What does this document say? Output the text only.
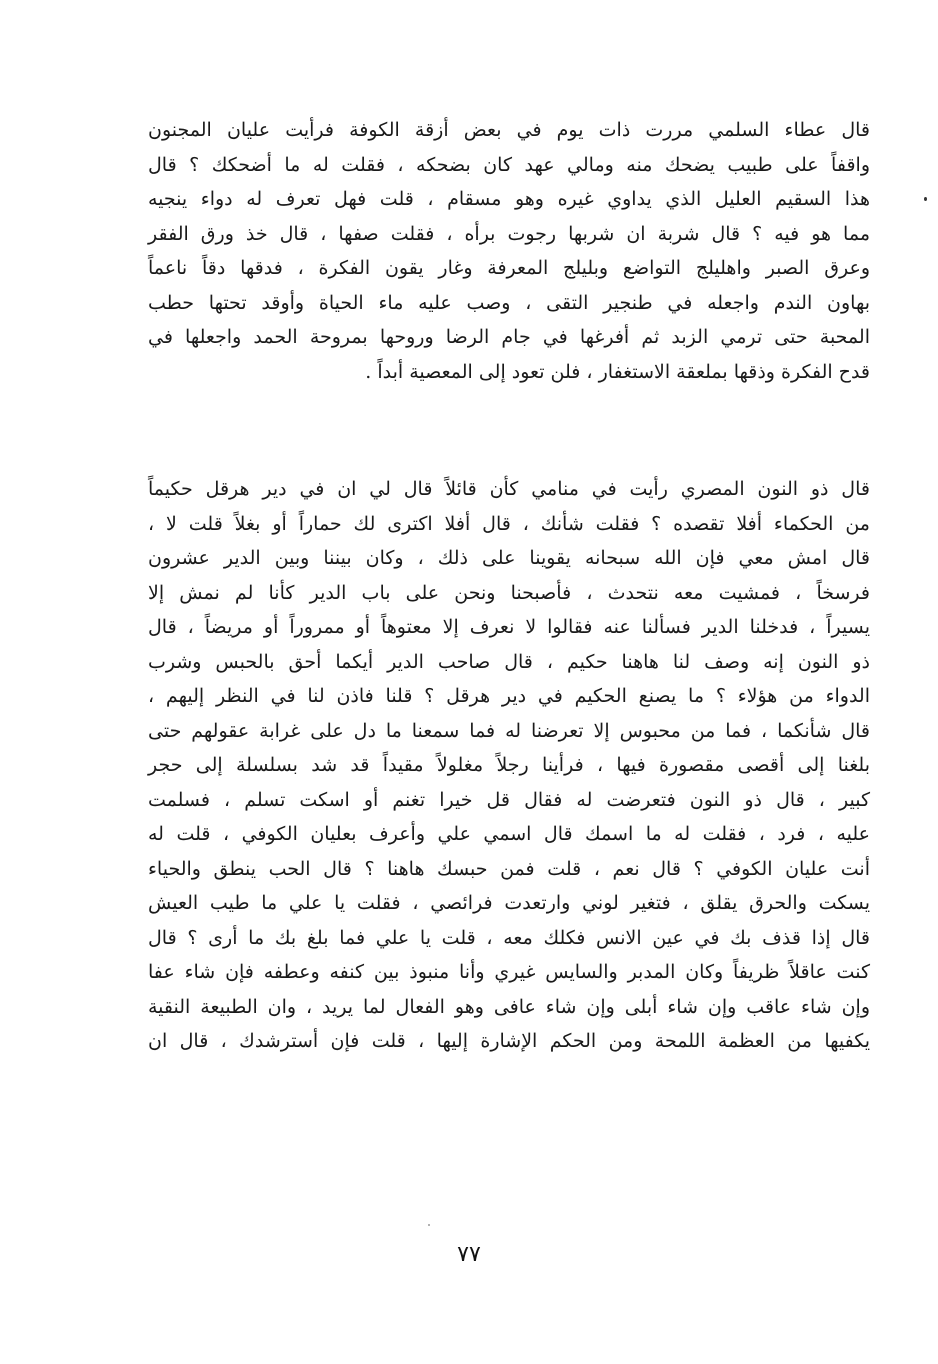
قال عطاء السلمي مررت ذات يوم في بعض أزقة الكوفة فرأيت عليان المجنون
واقفاً على طبيب يضحك منه ومالي عهد كان بضحكه ، فقلت له ما أضحكك ؟ قال
هذا السقيم العليل الذي يداوي غيره وهو مسقام ، قلت فهل تعرف له دواء ينجيه
مما هو فيه ؟ قال شربة ان شربها رجوت برأه ، فقلت صفها ، قال خذ ورق الفقر
وعرق الصبر واهليلج التواضع وبليلج المعرفة وغار يقون الفكرة ، فدقها دقاً ناعماً
بهاون الندم واجعله في طنجير التقى ، وصب عليه ماء الحياة وأوقد تحتها حطب
المحبة حتى ترمي الزبد ثم أفرغها في جام الرضا وروحها بمروحة الحمد واجعلها في
قدح الفكرة وذقها بملعقة الاستغفار ، فلن تعود إلى المعصية أبداً .
قال ذو النون المصري رأيت في منامي كأن قائلاً قال لي ان في دير هرقل حكيماً
من الحكماء أفلا تقصده ؟ فقلت شأنك ، قال أفلا اكترى لك حماراً أو بغلاً قلت لا ،
قال امش معي فإن الله سبحانه يقوينا على ذلك ، وكان بيننا وبين الدير عشرون
فرسخاً ، فمشيت معه نتحدث ، فأصبحنا ونحن على باب الدير كأنا لم نمش إلا
يسيراً ، فدخلنا الدير فسألنا عنه فقالوا لا نعرف إلا معتوهاً أو ممروراً أو مريضاً ، قال
ذو النون إنه وصف لنا هاهنا حكيم ، قال صاحب الدير أيكما أحق بالحبس وشرب
الدواء من هؤلاء ؟ ما يصنع الحكيم في دير هرقل ؟ قلنا فاذن لنا في النظر إليهم ،
قال شأنكما ، فما من محبوس إلا تعرضنا له فما سمعنا ما دل على غرابة عقولهم حتى
بلغنا إلى أقصى مقصورة فيها ، فرأينا رجلاً مغلولاً مقيداً قد شد بسلسلة إلى حجر
كبير ، قال ذو النون فتعرضت له فقال قل خيرا تغنم أو اسكت تسلم ، فسلمت
عليه ، فرد ، فقلت له ما اسمك قال اسمي علي وأعرف بعليان الكوفي ، قلت له
أنت عليان الكوفي ؟ قال نعم ، قلت فمن حبسك هاهنا ؟ قال الحب ينطق والحياء
يسكت والحرق يقلق ، فتغير لوني وارتعدت فرائصي ، فقلت يا علي ما طيب العيش
قال إذا قذف بك في عين الانس فكلك معه ، قلت يا علي فما بلغ بك ما أرى ؟ قال
كنت عاقلاً ظريفاً وكان المدبر والسايس غيري وأنا منبوذ بين كنفه وعطفه فإن شاء عفا
وإن شاء عاقب وإن شاء أبلى وإن شاء عافى وهو الفعال لما يريد ، وان الطبيعة النقية
يكفيها من العظمة اللمحة ومن الحكم الإشارة إليها ، قلت فإن أسترشدك ، قال ان
٧٧
